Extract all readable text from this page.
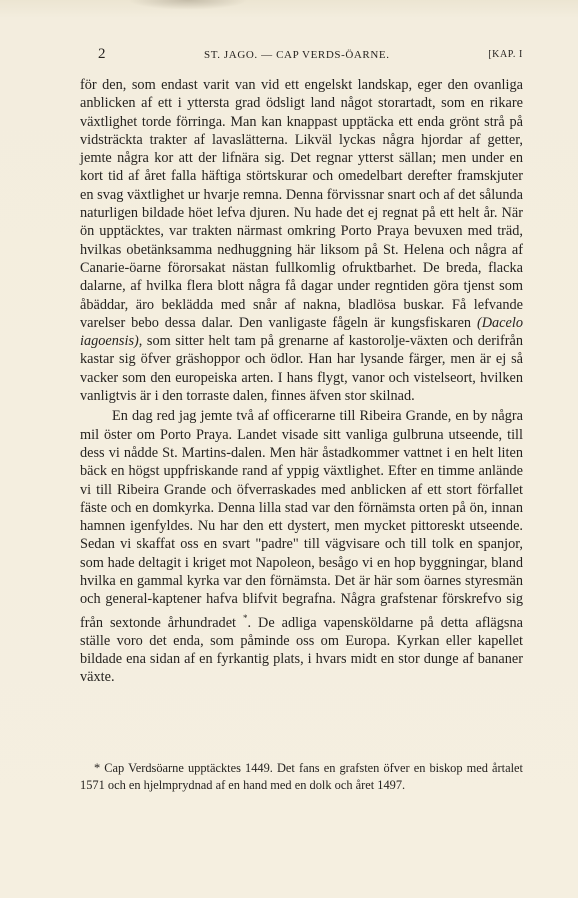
2	ST. JAGO. — CAP VERDS-ÖARNE.	[KAP. I

för den, som endast varit van vid ett engelskt landskap, eger den ovanliga anblicken af ett i yttersta grad ödsligt land något storartadt, som en rikare växtlighet torde förringa. Man kan knappast upptäcka ett enda grönt strå på vidsträckta trakter af lavaslätterna. Likväl lyckas några hjordar af getter, jemte några kor att der lifnära sig. Det regnar ytterst sällan; men under en kort tid af året falla häftiga störtskurar och omedelbart derefter framskjuter en svag växtlighet ur hvarje remna. Denna förvissnar snart och af det sålunda naturligen bildade höet lefva djuren. Nu hade det ej regnat på ett helt år. När ön upptäcktes, var trakten närmast omkring Porto Praya bevuxen med träd, hvilkas obetänksamma nedhuggning här liksom på St. Helena och några af Canarie-öarne förorsakat nästan fullkomlig ofruktbarhet. De breda, flacka dalarne, af hvilka flera blott några få dagar under regntiden göra tjenst som åbäddar, äro beklädda med snår af nakna, bladlösa buskar. Få lefvande varelser bebo dessa dalar. Den vanligaste fågeln är kungsfiskaren (Dacelo iagoensis), som sitter helt tam på grenarne af kastorolje-växten och derifrån kastar sig öfver gräshoppor och ödlor. Han har lysande färger, men är ej så vacker som den europeiska arten. I hans flygt, vanor och vistelseort, hvilken vanligtvis är i den torraste dalen, finnes äfven stor skilnad.

En dag red jag jemte två af officerarne till Ribeira Grande, en by några mil öster om Porto Praya. Landet visade sitt vanliga gulbruna utseende, till dess vi nådde St. Martins-dalen. Men här åstadkommer vattnet i en helt liten bäck en högst uppfriskande rand af yppig växtlighet. Efter en timme anlände vi till Ribeira Grande och öfverraskades med anblicken af ett stort förfallet fäste och en domkyrka. Denna lilla stad var den förnämsta orten på ön, innan hamnen igenfyldes. Nu har den ett dystert, men mycket pittoreskt utseende. Sedan vi skaffat oss en svart "padre" till vägvisare och till tolk en spanjor, som hade deltagit i kriget mot Napoleon, besågo vi en hop byggningar, bland hvilka en gammal kyrka var den förnämsta. Det är här som öarnes styresmän och general-kaptener hafva blifvit begrafna. Några grafstenar förskrefvo sig från sextonde århundradet *. De adliga vapensköldarne på detta aflägsna ställe voro det enda, som påminde oss om Europa. Kyrkan eller kapellet bildade ena sidan af en fyrkantig plats, i hvars midt en stor dunge af bananer växte.

* Cap Verdsöarne upptäcktes 1449. Det fans en grafsten öfver en biskop med årtalet 1571 och en hjelmprydnad af en hand med en dolk och året 1497.
